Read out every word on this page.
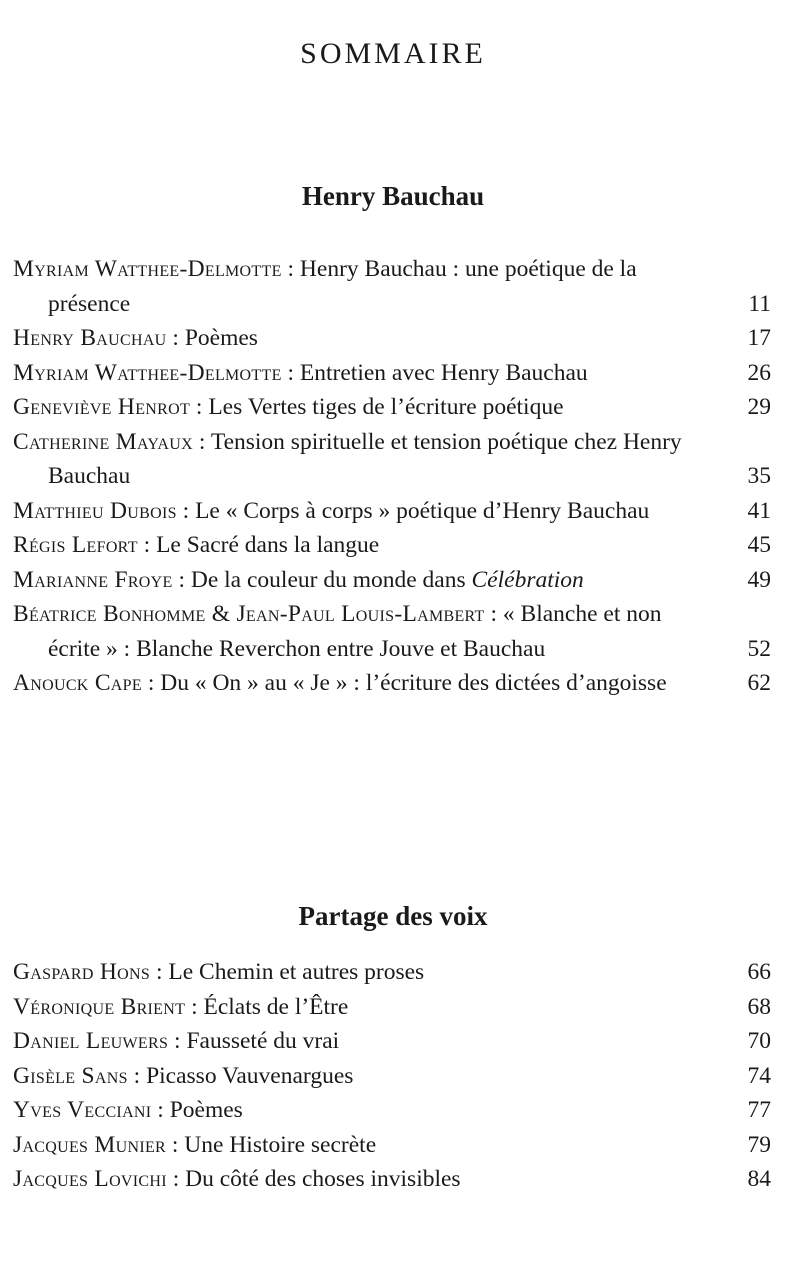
SOMMAIRE
Henry Bauchau
Myriam Watthee-Delmotte : Henry Bauchau : une poétique de la présence	11
Henry Bauchau : Poèmes	17
Myriam Watthee-Delmotte : Entretien avec Henry Bauchau	26
Geneviève Henrot : Les Vertes tiges de l’écriture poétique	29
Catherine Mayaux : Tension spirituelle et tension poétique chez Henry Bauchau	35
Matthieu Dubois : Le « Corps à corps » poétique d’Henry Bauchau	41
Régis Lefort : Le Sacré dans la langue	45
Marianne Froye : De la couleur du monde dans Célébration	49
Béatrice Bonhomme & Jean-Paul Louis-Lambert : « Blanche et non écrite » : Blanche Reverchon entre Jouve et Bauchau	52
Anouck Cape : Du « On » au « Je » : l’écriture des dictées d’angoisse	62
Partage des voix
Gaspard Hons : Le Chemin et autres proses	66
Véronique Brient : Éclats de l’Être	68
Daniel Leuwers : Fausseté du vrai	70
Gisèle Sans : Picasso Vauvenargues	74
Yves Vecciani : Poèmes	77
Jacques Munier : Une Histoire secrète	79
Jacques Lovichi : Du côté des choses invisibles	84
